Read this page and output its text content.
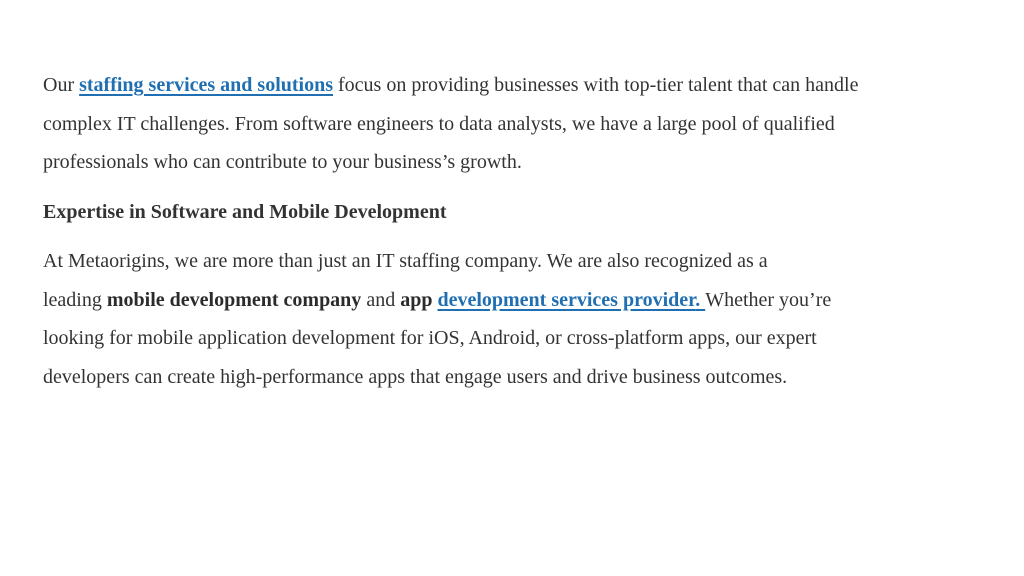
Our staffing services and solutions focus on providing businesses with top-tier talent that can handle
complex IT challenges. From software engineers to data analysts, we have a large pool of qualified
professionals who can contribute to your business’s growth.

Expertise in Software and Mobile Development

At Metaorigins, we are more than just an IT staffing company. We are also recognized as a
leading mobile development company and app development services provider. Whether you’re
looking for mobile application development for iOS, Android, or cross-platform apps, our expert
developers can create high-performance apps that engage users and drive business outcomes.
